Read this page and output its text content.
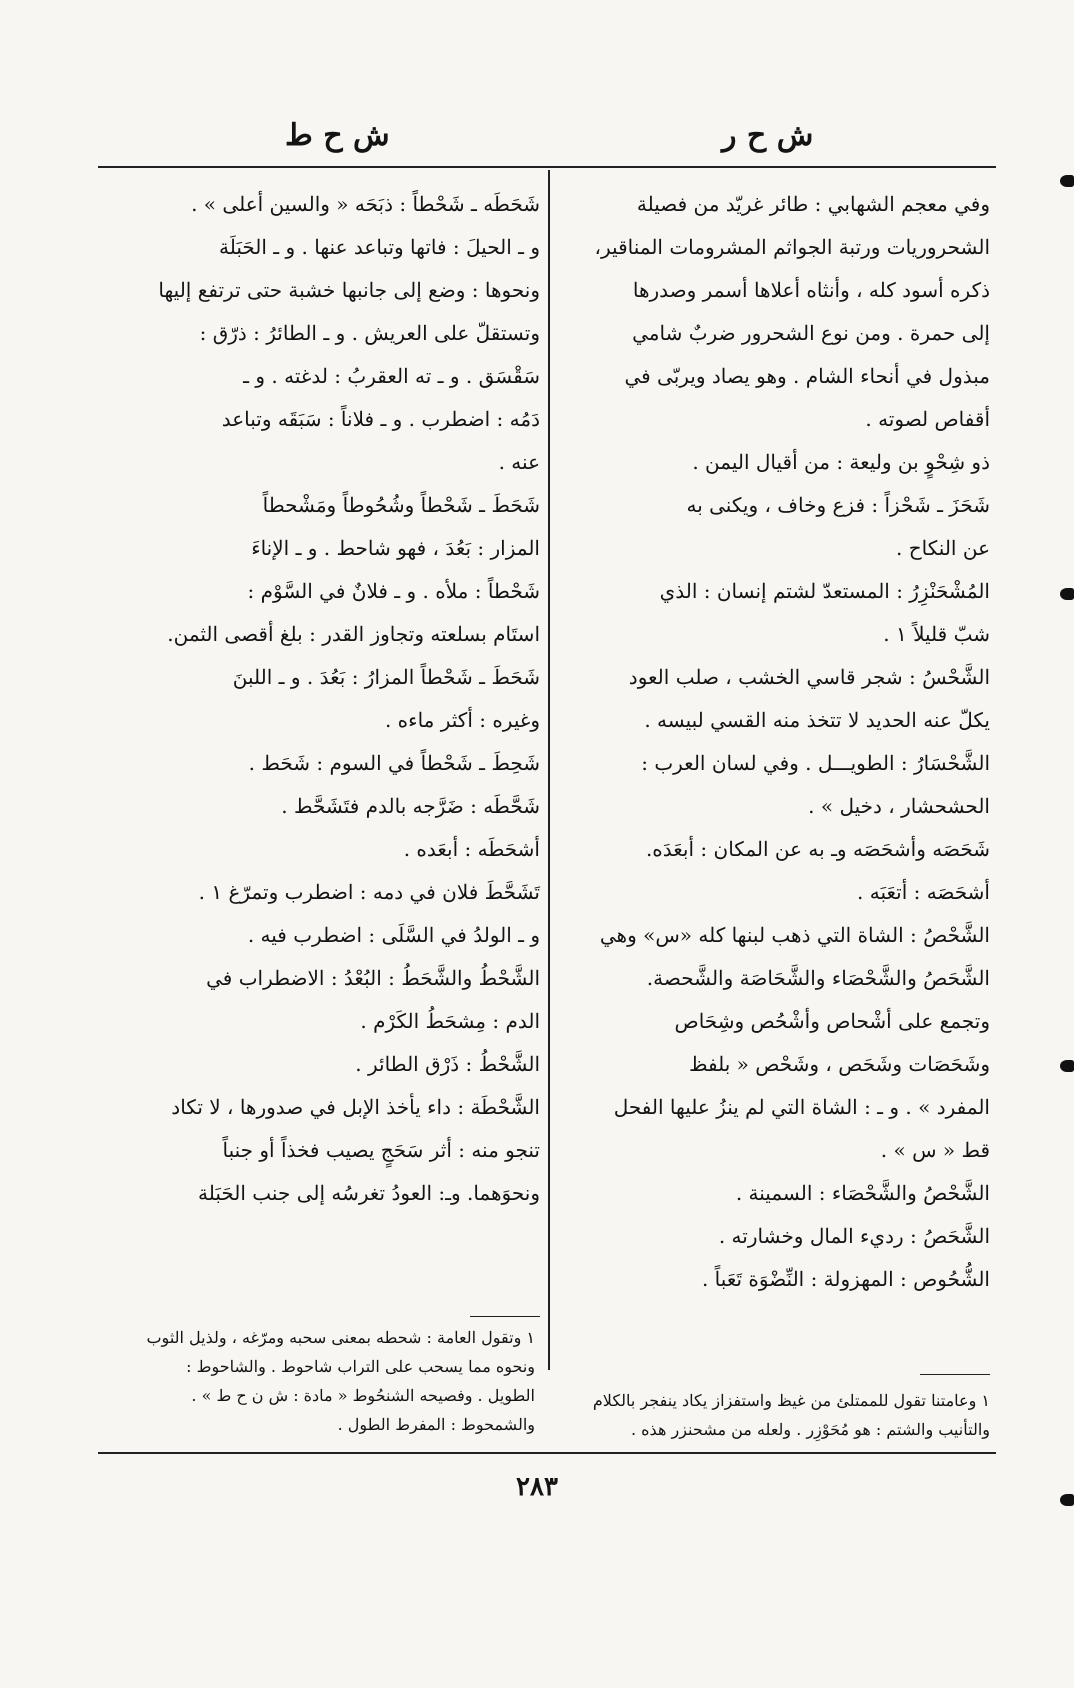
ش ح ر
ش ح ط

وفي معجم الشهابي : طائر غريّد من فصيلة

الشحروريات ورتبة الجواثم المشرومات المناقير،

ذكره أسود كله ، وأنثاه أعلاها أسمر وصدرها

إلى حمرة . ومن نوع الشحرور ضربٌ شامي

مبذول في أنحاء الشام . وهو يصاد ويربّى في

أقفاص لصوته .

ذو شِحْوٍ بن وليعة : من أقيال اليمن .

شَحَزَ ـ شَحْزاً : فزع وخاف ، ويكنى به

عن النكاح .

المُشْحَنْزِرُ : المستعدّ لشتم إنسان : الذي

شبّ قليلاً ١ .

الشَّحْسُ : شجر قاسي الخشب ، صلب العود

يكلّ عنه الحديد لا تتخذ منه القسي لبيسه .

الشَّحْسَارُ : الطويـــل . وفي لسان العرب :

الحشحشار ، دخيل » .

شَحَصَه وأشحَصَه وـ به عن المكان : أبعَدَه.

أشحَصَه : أتعَبَه .

الشَّحْصُ : الشاة التي ذهب لبنها كله «س» وهي

الشَّحَصُ والشَّحْصَاء والشَّحَاصَة والشَّحصة.

وتجمع على أشْحاص وأشْحُص وشِحَاص

وشَحَصَات وشَحَص ، وشَحْص « بلفظ

المفرد » . و ـ : الشاة التي لم ينزُ عليها الفحل

قط « س » .

الشَّحْصُ والشَّحْصَاء : السمينة .

الشَّحَصُ : رديء المال وخشارته .

الشُّحُوص : المهزولة : النِّضْوَة تَعَباً .

شَحَطَه ـ شَحْطاً : ذبَحَه « والسين أعلى » .

و ـ الحيلَ : فاتها وتباعد عنها . و ـ الحَبَلَة

ونحوها : وضع إلى جانبها خشبة حتى ترتفع إليها

وتستقلّ على العريش . و ـ الطائرُ : ذرّق :

سَقْسَق . و ـ ته العقربُ : لدغته . و ـ

دَمُه : اضطرب . و ـ فلاناً : سَبَقَه وتباعد

عنه .

شَحَطَ ـ شَحْطاً وشُحُوطاً ومَشْحطاً

المزار : بَعُدَ ، فهو شاحط . و ـ الإناءَ

شَحْطاً : ملأه . و ـ فلانٌ في السَّوْم :

استَام بسلعته وتجاوز القدر : بلغ أقصى الثمن.

شَحَطَ ـ شَحْطاً المزارُ : بَعُدَ . و ـ اللبنَ

وغيره : أكثر ماءه .

شَحِطَ ـ شَحْطاً في السوم : شَحَط .

شَحَّطَه : ضَرَّجه بالدم فتَشَحَّط .

أشحَطَه : أبعَده .

تَشَحَّطَ فلان في دمه : اضطرب وتمرّغ ١ .

و ـ الولدُ في السَّلَى : اضطرب فيه .

الشَّحْطُ والشَّحَطُ : البُعْدُ : الاضطراب في

الدم : مِشحَطُ الكَرْم .

الشَّحْطُ : ذَرْق الطائر .

الشَّحْطَة : داء يأخذ الإبل في صدورها ، لا تكاد

تنجو منه : أثر سَحَجٍ يصيب فخذاً أو جنباً

ونحوَهما. وـ: العودُ تغرسُه إلى جنب الحَبَلة

١ وتقول العامة : شحطه بمعنى سحبه ومرّغه ، ولذيل الثوب

ونحوه مما يسحب على التراب شاحوط . والشاحوط :

الطويل . وفصيحه الشنحُوط « مادة : ش ن ح ط » .

والشمحوط : المفرط الطول .

١ وعامتنا تقول للممتلئ من غيظ واستفزاز يكاد ينفجر بالكلام

والتأنيب والشتم : هو مُحَوْزِر . ولعله من مشحنزر هذه .

٢٨٣
